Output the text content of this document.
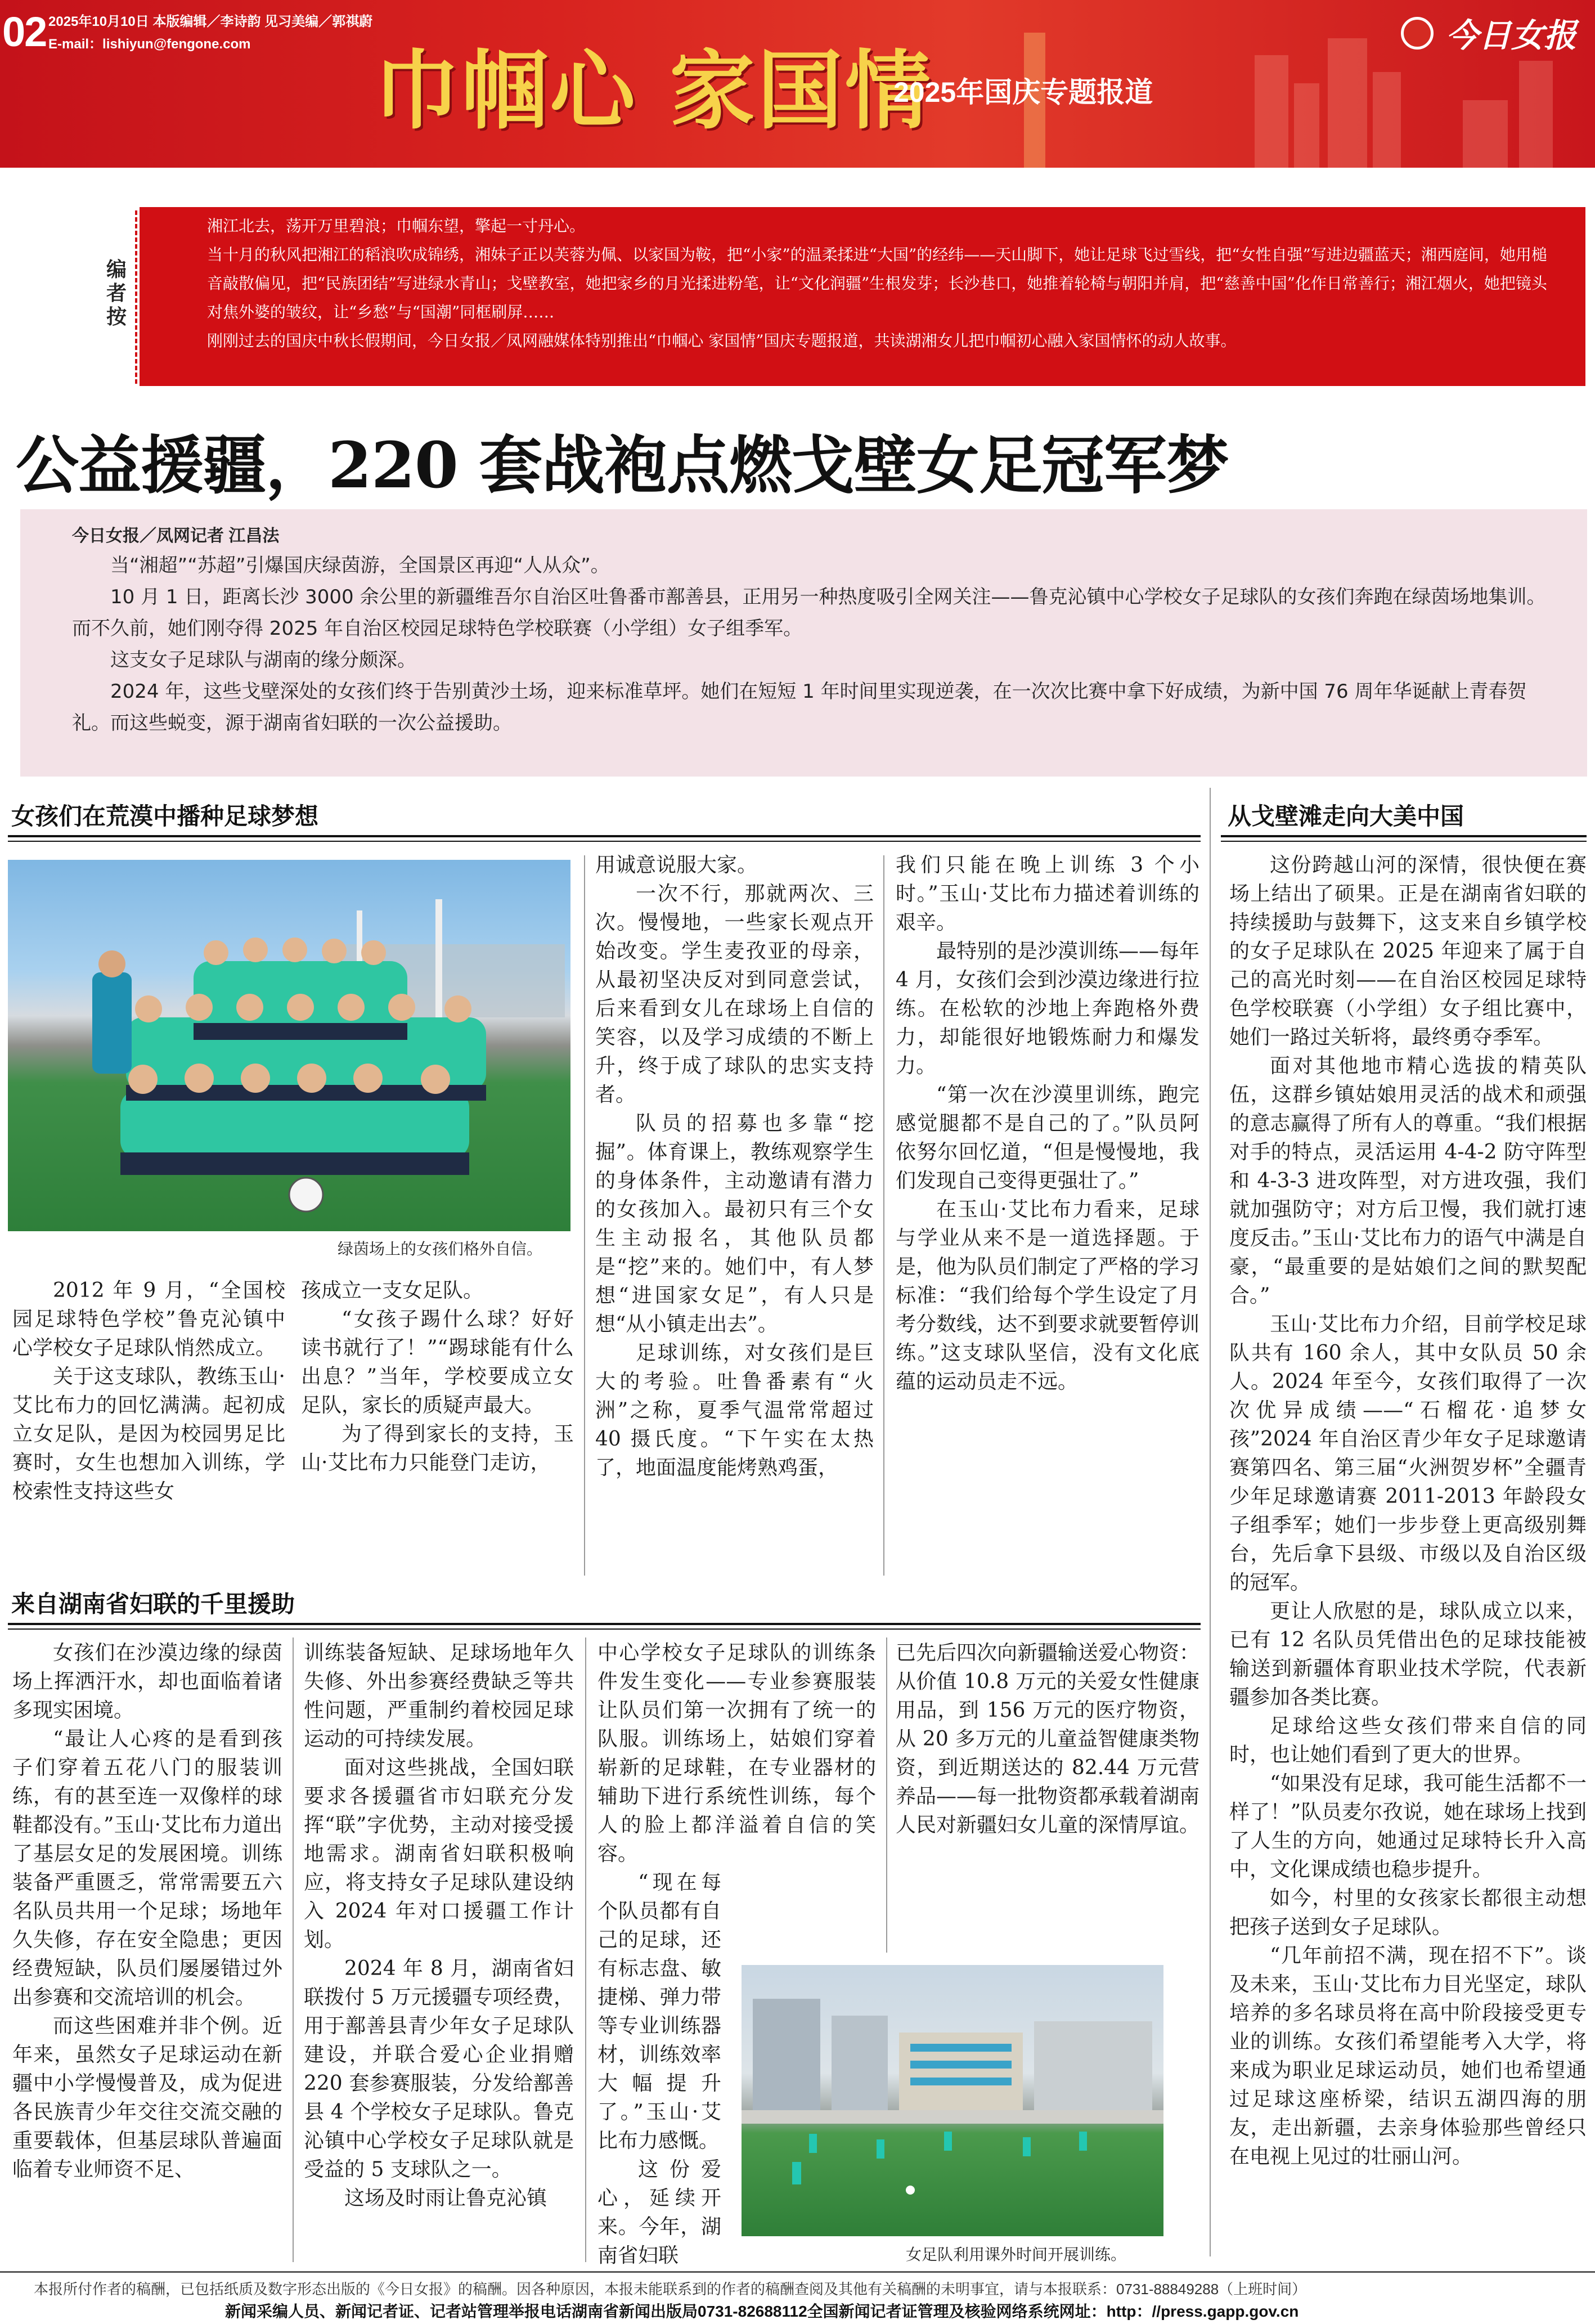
02 2025年10月10日 本版编辑／李诗韵 见习美编／郭祺蔚
E-mail：lishiyun@fengone.com 巾帼心 家国情
2025年国庆专题报道
今日女报
编者按

湘江北去，荡开万里碧浪；巾帼东望，擎起一寸丹心。

当十月的秋风把湘江的稻浪吹成锦绣，湘妹子正以芙蓉为佩、以家国为鞍，把“小家”的温柔揉进“大国”的经纬——天山脚下，她让足球飞过雪线，把“女性自强”写进边疆蓝天；湘西庭间，她用槌音敲散偏见，把“民族团结”写进绿水青山；戈壁教室，她把家乡的月光揉进粉笔，让“文化润疆”生根发芽；长沙巷口，她推着轮椅与朝阳并肩，把“慈善中国”化作日常善行；湘江烟火，她把镜头对焦外婆的皱纹，让“乡愁”与“国潮”同框刷屏……

刚刚过去的国庆中秋长假期间，今日女报／凤网融媒体特别推出“巾帼心 家国情”国庆专题报道，共读湖湘女儿把巾帼初心融入家国情怀的动人故事。

公益援疆，220 套战袍点燃戈壁女足冠军梦
今日女报／凤网记者 江昌法

当“湘超”“苏超”引爆国庆绿茵游，全国景区再迎“人从众”。

10 月 1 日，距离长沙 3000 余公里的新疆维吾尔自治区吐鲁番市鄯善县，正用另一种热度吸引全网关注——鲁克沁镇中心学校女子足球队的女孩们奔跑在绿茵场地集训。而不久前，她们刚夺得 2025 年自治区校园足球特色学校联赛（小学组）女子组季军。

这支女子足球队与湖南的缘分颇深。

2024 年，这些戈壁深处的女孩们终于告别黄沙土场，迎来标准草坪。她们在短短 1 年时间里实现逆袭，在一次次比赛中拿下好成绩，为新中国 76 周年华诞献上青春贺礼。而这些蜕变，源于湖南省妇联的一次公益援助。

女孩们在荒漠中播种足球梦想
绿茵场上的女孩们格外自信。

2012 年 9 月，“全国校园足球特色学校”鲁克沁镇中心学校女子足球队悄然成立。

关于这支球队，教练玉山·艾比布力的回忆满满。起初成立女足队，是因为校园男足比赛时，女生也想加入训练，学校索性支持这些女

孩成立一支女足队。

“女孩子踢什么球？好好读书就行了！”“踢球能有什么出息？”当年，学校要成立女足队，家长的质疑声最大。

为了得到家长的支持，玉山·艾比布力只能登门走访，

用诚意说服大家。

一次不行，那就两次、三次。慢慢地，一些家长观点开始改变。学生麦孜亚的母亲，从最初坚决反对到同意尝试，后来看到女儿在球场上自信的笑容，以及学习成绩的不断上升，终于成了球队的忠实支持者。

队员的招募也多靠“挖掘”。体育课上，教练观察学生的身体条件，主动邀请有潜力的女孩加入。最初只有三个女生主动报名，其他队员都是“挖”来的。她们中，有人梦想“进国家女足”，有人只是想“从小镇走出去”。

足球训练，对女孩们是巨大的考验。吐鲁番素有“火洲”之称，夏季气温常常超过 40 摄氏度。“下午实在太热了，地面温度能烤熟鸡蛋，

我们只能在晚上训练 3 个小时。”玉山·艾比布力描述着训练的艰辛。

最特别的是沙漠训练——每年 4 月，女孩们会到沙漠边缘进行拉练。在松软的沙地上奔跑格外费力，却能很好地锻炼耐力和爆发力。

“第一次在沙漠里训练，跑完感觉腿都不是自己的了。”队员阿依努尔回忆道，“但是慢慢地，我们发现自己变得更强壮了。”

在玉山·艾比布力看来，足球与学业从来不是一道选择题。于是，他为队员们制定了严格的学习标准：“我们给每个学生设定了月考分数线，达不到要求就要暂停训练。”这支球队坚信，没有文化底蕴的运动员走不远。

来自湖南省妇联的千里援助

女孩们在沙漠边缘的绿茵场上挥洒汗水，却也面临着诸多现实困境。

“最让人心疼的是看到孩子们穿着五花八门的服装训练，有的甚至连一双像样的球鞋都没有。”玉山·艾比布力道出了基层女足的发展困境。训练装备严重匮乏，常常需要五六名队员共用一个足球；场地年久失修，存在安全隐患；更因经费短缺，队员们屡屡错过外出参赛和交流培训的机会。

而这些困难并非个例。近年来，虽然女子足球运动在新疆中小学慢慢普及，成为促进各民族青少年交往交流交融的重要载体，但基层球队普遍面临着专业师资不足、

训练装备短缺、足球场地年久失修、外出参赛经费缺乏等共性问题，严重制约着校园足球运动的可持续发展。

面对这些挑战，全国妇联要求各援疆省市妇联充分发挥“联”字优势，主动对接受援地需求。湖南省妇联积极响应，将支持女子足球队建设纳入 2024 年对口援疆工作计划。

2024 年 8 月，湖南省妇联拨付 5 万元援疆专项经费，用于鄯善县青少年女子足球队建设，并联合爱心企业捐赠 220 套参赛服装，分发给鄯善县 4 个学校女子足球队。鲁克沁镇中心学校女子足球队就是受益的 5 支球队之一。

这场及时雨让鲁克沁镇

中心学校女子足球队的训练条件发生变化——专业参赛服装让队员们第一次拥有了统一的队服。训练场上，姑娘们穿着崭新的足球鞋，在专业器材的辅助下进行系统性训练，每个人的脸上都洋溢着自信的笑容。

“现在每个队员都有自己的足球，还有标志盘、敏捷梯、弹力带等专业训练器材，训练效率大幅提升了。”玉山·艾比布力感慨。

这份爱心，延续开来。今年，湖南省妇联

已先后四次向新疆输送爱心物资：从价值 10.8 万元的关爱女性健康用品，到 156 万元的医疗物资，从 20 多万元的儿童益智健康类物资，到近期送达的 82.44 万元营养品——每一批物资都承载着湖南人民对新疆妇女儿童的深情厚谊。

女足队利用课外时间开展训练。
从戈壁滩走向大美中国

这份跨越山河的深情，很快便在赛场上结出了硕果。正是在湖南省妇联的持续援助与鼓舞下，这支来自乡镇学校的女子足球队在 2025 年迎来了属于自己的高光时刻——在自治区校园足球特色学校联赛（小学组）女子组比赛中，她们一路过关斩将，最终勇夺季军。

面对其他地市精心选拔的精英队伍，这群乡镇姑娘用灵活的战术和顽强的意志赢得了所有人的尊重。“我们根据对手的特点，灵活运用 4-4-2 防守阵型和 4-3-3 进攻阵型，对方进攻强，我们就加强防守；对方后卫慢，我们就打速度反击。”玉山·艾比布力的语气中满是自豪，“最重要的是姑娘们之间的默契配合。”

玉山·艾比布力介绍，目前学校足球队共有 160 余人，其中女队员 50 余人。2024 年至今，女孩们取得了一次次优异成绩——“石榴花·追梦女孩”2024 年自治区青少年女子足球邀请赛第四名、第三届“火洲贺岁杯”全疆青少年足球邀请赛 2011-2013 年龄段女子组季军；她们一步步登上更高级别舞台，先后拿下县级、市级以及自治区级的冠军。

更让人欣慰的是，球队成立以来，已有 12 名队员凭借出色的足球技能被输送到新疆体育职业技术学院，代表新疆参加各类比赛。

足球给这些女孩们带来自信的同时，也让她们看到了更大的世界。

“如果没有足球，我可能生活都不一样了！”队员麦尔孜说，她在球场上找到了人生的方向，她通过足球特长升入高中，文化课成绩也稳步提升。

如今，村里的女孩家长都很主动想把孩子送到女子足球队。

“几年前招不满，现在招不下”。谈及未来，玉山·艾比布力目光坚定，球队培养的多名球员将在高中阶段接受更专业的训练。女孩们希望能考入大学，将来成为职业足球运动员，她们也希望通过足球这座桥梁，结识五湖四海的朋友，走出新疆，去亲身体验那些曾经只在电视上见过的壮丽山河。

本报所付作者的稿酬，已包括纸质及数字形态出版的《今日女报》的稿酬。因各种原因，本报未能联系到的作者的稿酬查阅及其他有关稿酬的未明事宜，请与本报联系：0731-88849288（上班时间）
新闻采编人员、新闻记者证、记者站管理举报电话湖南省新闻出版局0731-82688112全国新闻记者证管理及核验网络系统网址：http：//press.gapp.gov.cn
